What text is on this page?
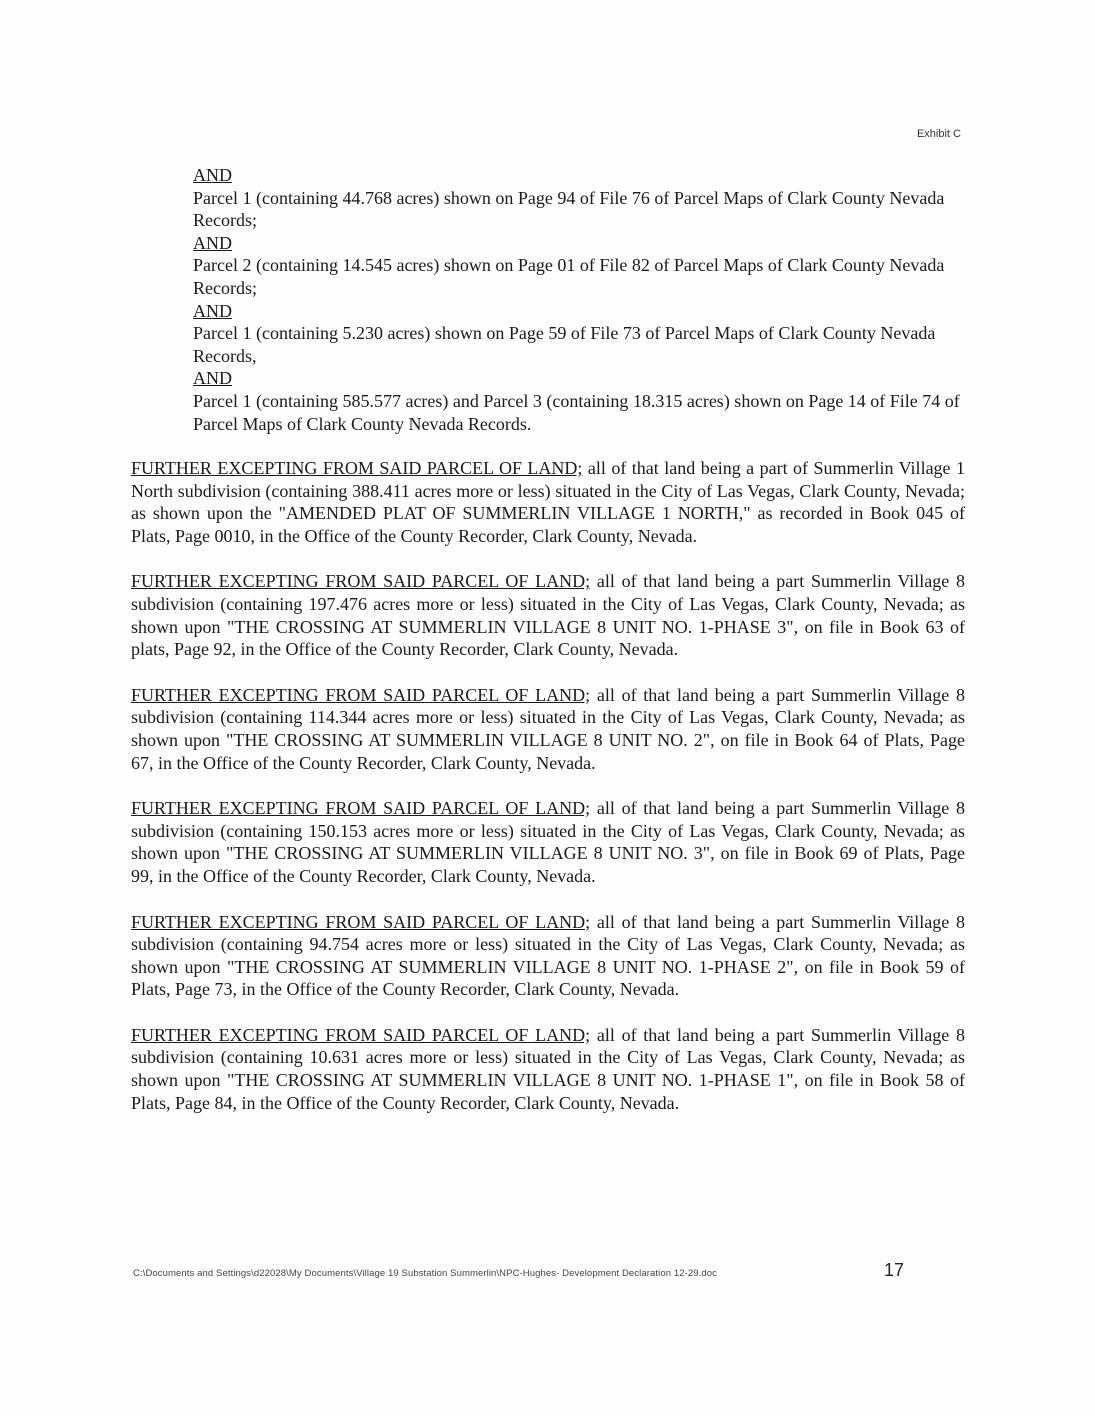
Exhibit C
AND
Parcel 1 (containing 44.768 acres) shown on Page 94 of File 76 of Parcel Maps of Clark County Nevada Records;
AND
Parcel 2 (containing 14.545 acres) shown on Page 01 of File 82 of Parcel Maps of Clark County Nevada Records;
AND
Parcel 1 (containing 5.230 acres) shown on Page 59 of File 73 of Parcel Maps of Clark County Nevada Records,
AND
Parcel 1 (containing 585.577 acres) and Parcel 3 (containing 18.315 acres) shown on Page 14 of File 74 of Parcel Maps of Clark County Nevada Records.

FURTHER EXCEPTING FROM SAID PARCEL OF LAND; all of that land being a part of Summerlin Village 1 North subdivision (containing 388.411 acres more or less) situated in the City of Las Vegas, Clark County, Nevada; as shown upon the "AMENDED PLAT OF SUMMERLIN VILLAGE 1 NORTH," as recorded in Book 045 of Plats, Page 0010, in the Office of the County Recorder, Clark County, Nevada.

FURTHER EXCEPTING FROM SAID PARCEL OF LAND; all of that land being a part Summerlin Village 8 subdivision (containing 197.476 acres more or less) situated in the City of Las Vegas, Clark County, Nevada; as shown upon "THE CROSSING AT SUMMERLIN VILLAGE 8 UNIT NO. 1-PHASE 3", on file in Book 63 of plats, Page 92, in the Office of the County Recorder, Clark County, Nevada.

FURTHER EXCEPTING FROM SAID PARCEL OF LAND; all of that land being a part Summerlin Village 8 subdivision (containing 114.344 acres more or less) situated in the City of Las Vegas, Clark County, Nevada; as shown upon "THE CROSSING AT SUMMERLIN VILLAGE 8 UNIT NO. 2", on file in Book 64 of Plats, Page 67, in the Office of the County Recorder, Clark County, Nevada.

FURTHER EXCEPTING FROM SAID PARCEL OF LAND; all of that land being a part Summerlin Village 8 subdivision (containing 150.153 acres more or less) situated in the City of Las Vegas, Clark County, Nevada; as shown upon "THE CROSSING AT SUMMERLIN VILLAGE 8 UNIT NO. 3", on file in Book 69 of Plats, Page 99, in the Office of the County Recorder, Clark County, Nevada.

FURTHER EXCEPTING FROM SAID PARCEL OF LAND; all of that land being a part Summerlin Village 8 subdivision (containing 94.754 acres more or less) situated in the City of Las Vegas, Clark County, Nevada; as shown upon "THE CROSSING AT SUMMERLIN VILLAGE 8 UNIT NO. 1-PHASE 2", on file in Book 59 of Plats, Page 73, in the Office of the County Recorder, Clark County, Nevada.

FURTHER EXCEPTING FROM SAID PARCEL OF LAND; all of that land being a part Summerlin Village 8 subdivision (containing 10.631 acres more or less) situated in the City of Las Vegas, Clark County, Nevada; as shown upon "THE CROSSING AT SUMMERLIN VILLAGE 8 UNIT NO. 1-PHASE 1", on file in Book 58 of Plats, Page 84, in the Office of the County Recorder, Clark County, Nevada.

C:\Documents and Settings\d22028\My Documents\Village 19 Substation Summerlin\NPC-Hughes- Development Declaration 12-29.doc	17
